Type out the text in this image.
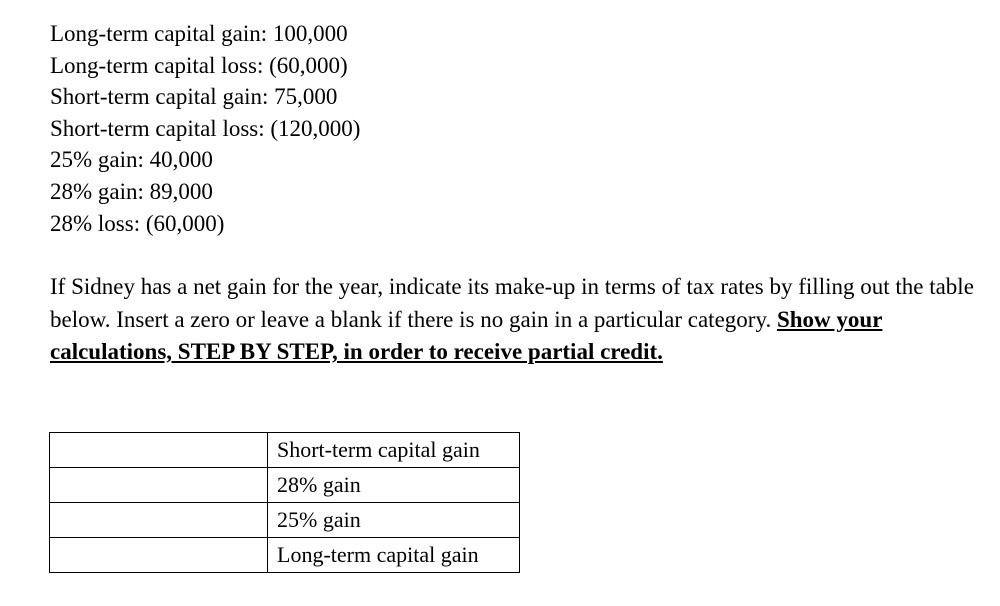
Long-term capital gain: 100,000
Long-term capital loss: (60,000)
Short-term capital gain: 75,000
Short-term capital loss: (120,000)
25% gain: 40,000
28% gain: 89,000
28% loss: (60,000)

If Sidney has a net gain for the year, indicate its make-up in terms of tax rates by filling out the table below. Insert a zero or leave a blank if there is no gain in a particular category. Show your calculations, STEP BY STEP, in order to receive partial credit.

	Short-term capital gain
	28% gain
	25% gain
	Long-term capital gain
